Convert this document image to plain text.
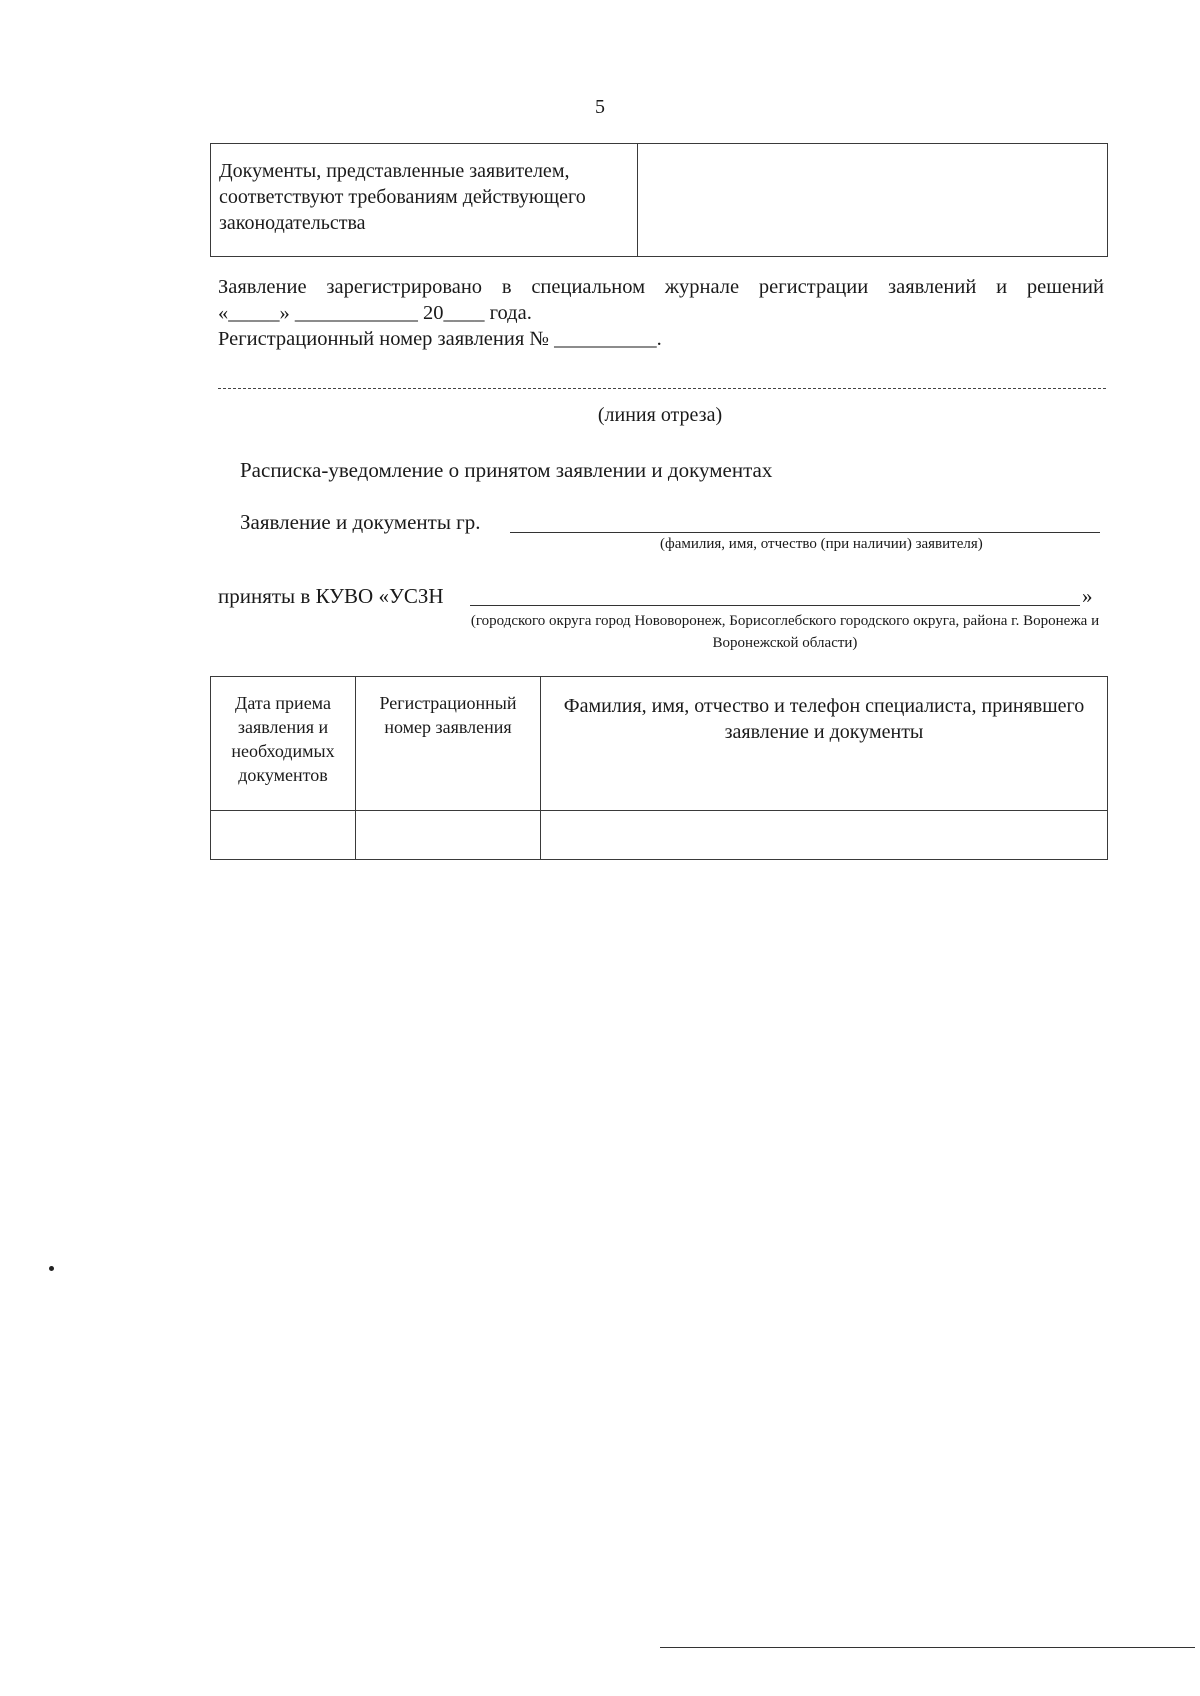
5
Документы, представленные заявителем, соответствуют требованиям действующего законодательства	
Заявление зарегистрировано в специальном журнале регистрации заявлений и решений
«_____» ____________ 20____ года.
Регистрационный номер заявления № __________.
(линия отреза)
Расписка-уведомление о принятом заявлении и документах
Заявление и документы гр.
(фамилия, имя, отчество (при наличии) заявителя)
приняты в КУВО «УСЗН	»
(городского округа город Нововоронеж, Борисоглебского городского округа, района г. Воронежа и Воронежской области)
Дата приема заявления и необходимых документов	Регистрационный номер заявления	Фамилия, имя, отчество и телефон специалиста, принявшего заявление и документы
